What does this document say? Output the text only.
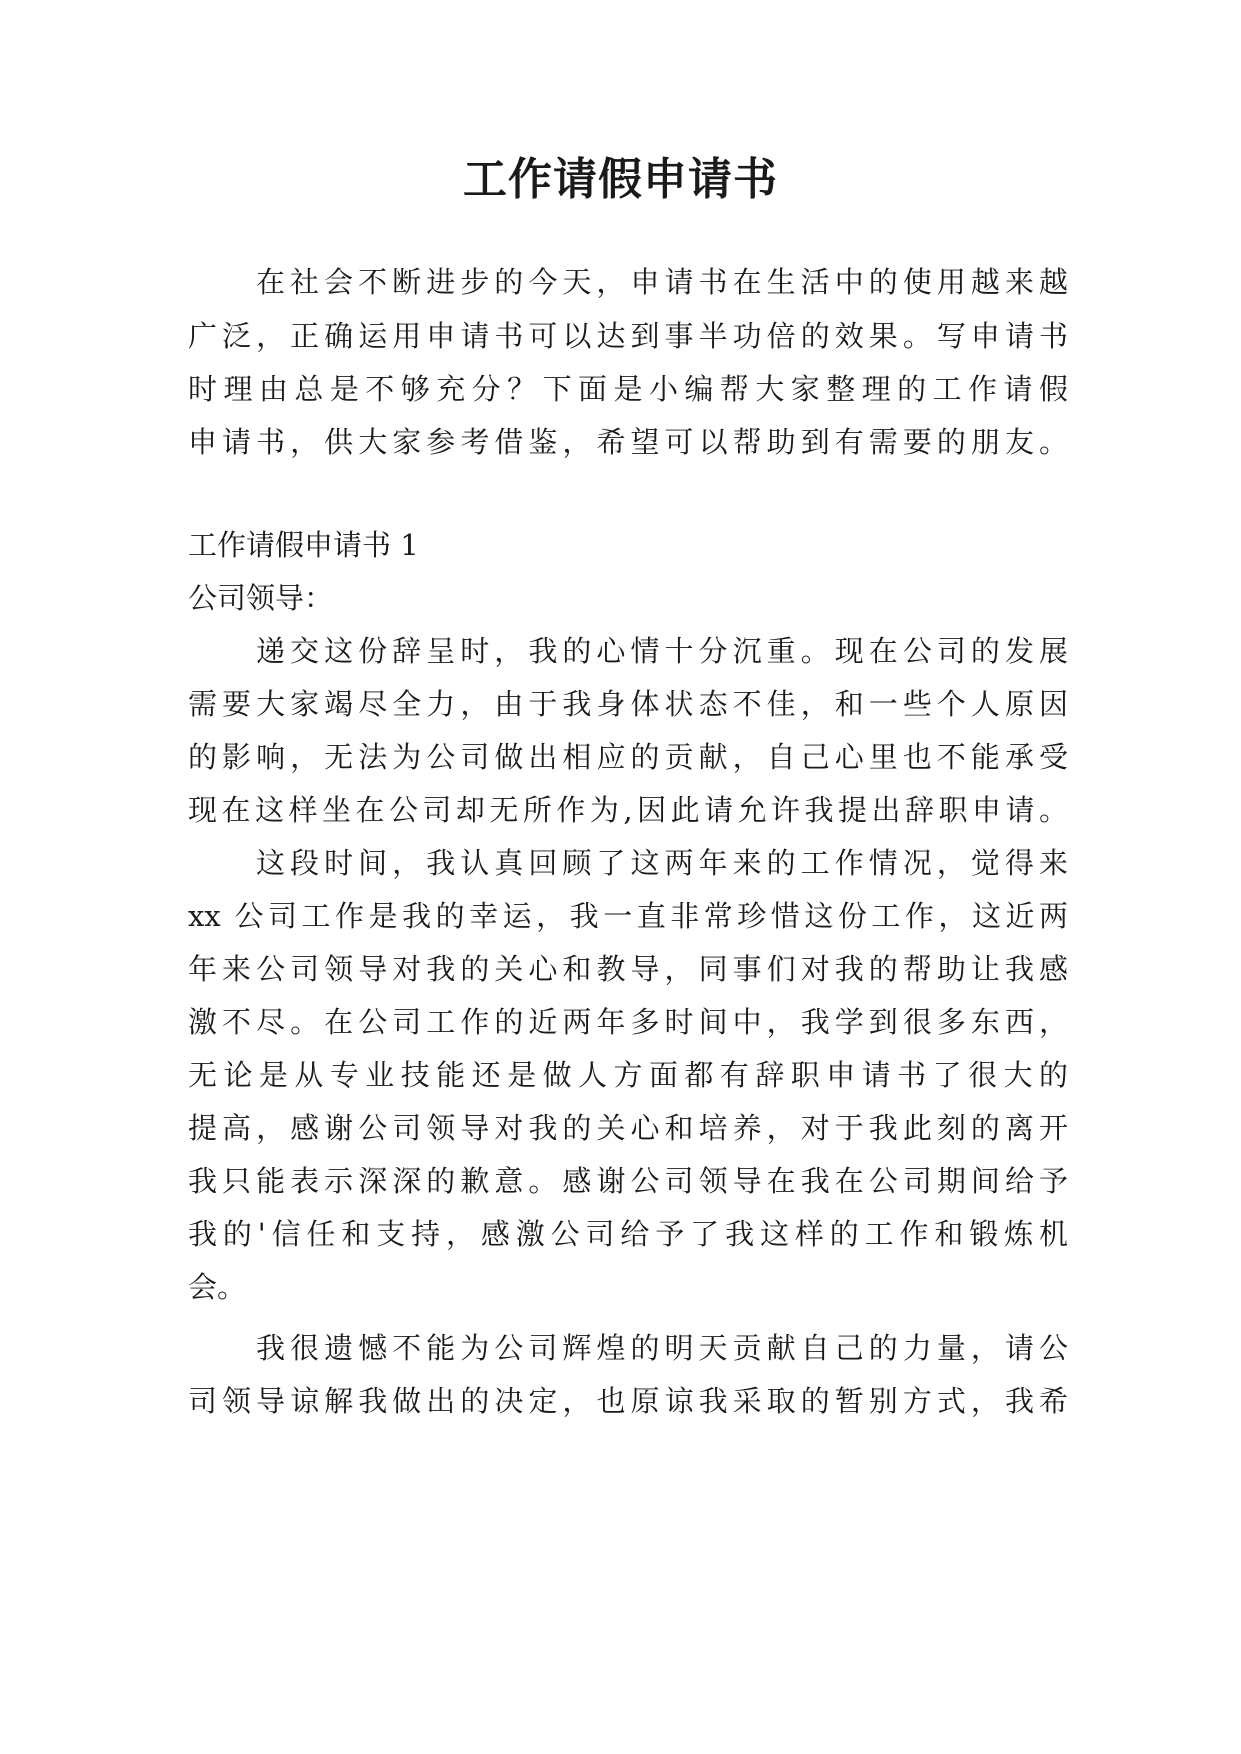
工作请假申请书
在社会不断进步的今天，申请书在生活中的使用越来越
广泛，正确运用申请书可以达到事半功倍的效果。写申请书
时理由总是不够充分？下面是小编帮大家整理的工作请假
申请书，供大家参考借鉴，希望可以帮助到有需要的朋友。
工作请假申请书 1
公司领导：
递交这份辞呈时，我的心情十分沉重。现在公司的发展
需要大家竭尽全力，由于我身体状态不佳，和一些个人原因
的影响，无法为公司做出相应的贡献，自己心里也不能承受
现在这样坐在公司却无所作为,因此请允许我提出辞职申请。
这段时间，我认真回顾了这两年来的工作情况，觉得来
xx 公司工作是我的幸运，我一直非常珍惜这份工作，这近两
年来公司领导对我的关心和教导，同事们对我的帮助让我感
激不尽。在公司工作的近两年多时间中，我学到很多东西，
无论是从专业技能还是做人方面都有辞职申请书了很大的
提高，感谢公司领导对我的关心和培养，对于我此刻的离开
我只能表示深深的歉意。感谢公司领导在我在公司期间给予
我的'信任和支持，感激公司给予了我这样的工作和锻炼机
会。
我很遗憾不能为公司辉煌的明天贡献自己的力量，请公
司领导谅解我做出的决定，也原谅我采取的暂别方式，我希
